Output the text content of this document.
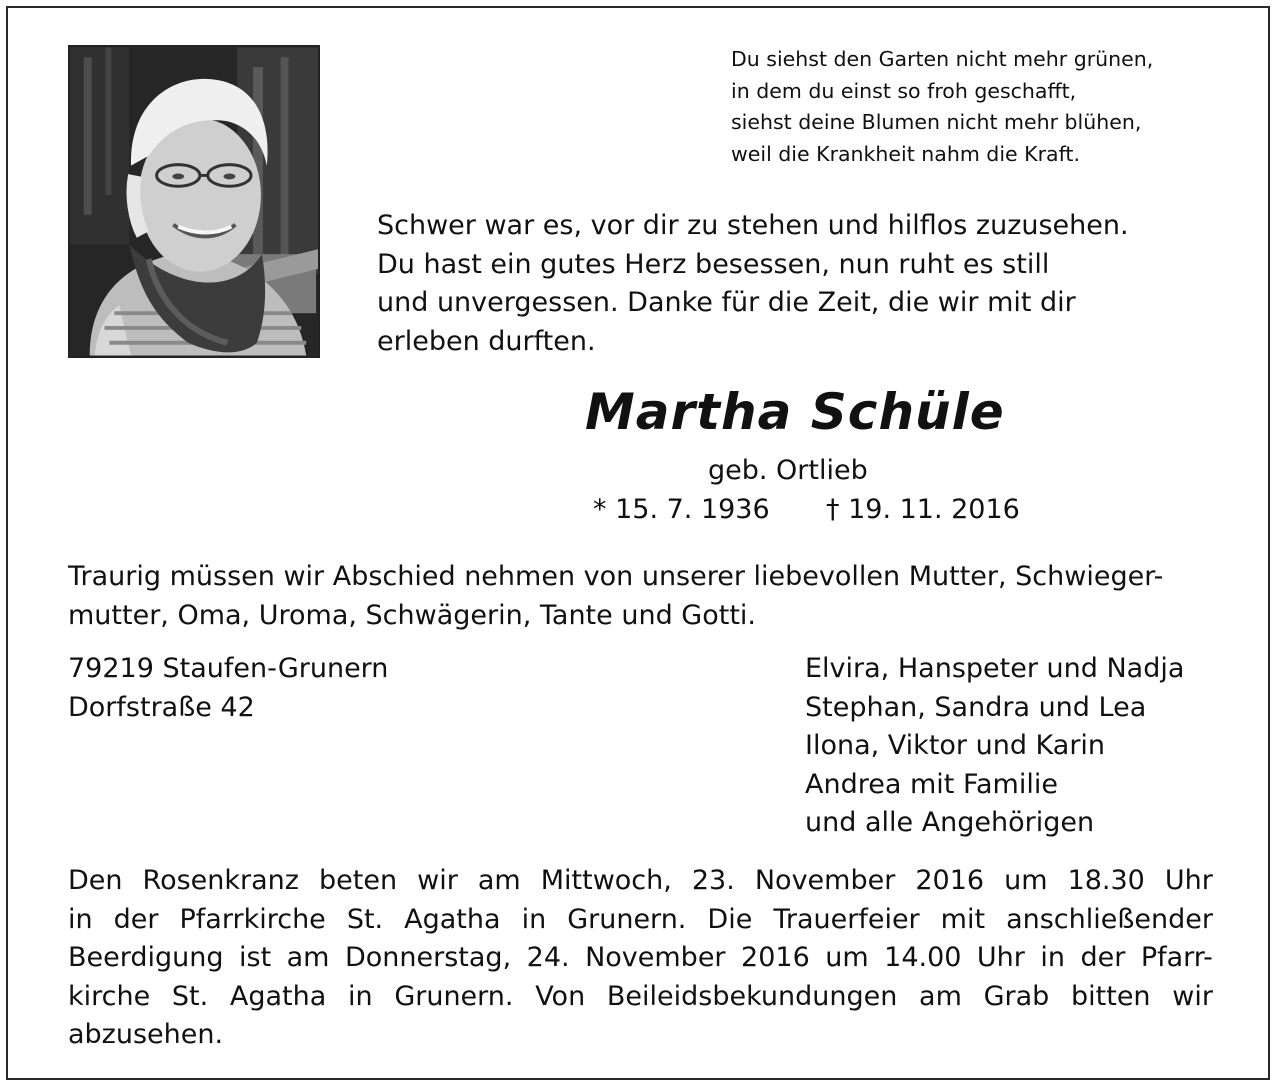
Du siehst den Garten nicht mehr grünen,
in dem du einst so froh geschafft,
siehst deine Blumen nicht mehr blühen,
weil die Krankheit nahm die Kraft.
Schwer war es, vor dir zu stehen und hilflos zuzusehen.
Du hast ein gutes Herz besessen, nun ruht es still
und unvergessen. Danke für die Zeit, die wir mit dir
erleben durften.
Martha Schüle
geb. Ortlieb
* 15. 7. 1936 † 19. 11. 2016
Traurig müssen wir Abschied nehmen von unserer liebevollen Mutter, Schwieger-
mutter, Oma, Uroma, Schwägerin, Tante und Gotti.
79219 Staufen-Grunern
Dorfstraße 42
Elvira, Hanspeter und Nadja
Stephan, Sandra und Lea
Ilona, Viktor und Karin
Andrea mit Familie
und alle Angehörigen
Den Rosenkranz beten wir am Mittwoch, 23. November 2016 um 18.30 Uhr
in der Pfarrkirche St. Agatha in Grunern. Die Trauerfeier mit anschließender
Beerdigung ist am Donnerstag, 24. November 2016 um 14.00 Uhr in der Pfarr-
kirche St. Agatha in Grunern. Von Beileidsbekundungen am Grab bitten wir
abzusehen.
